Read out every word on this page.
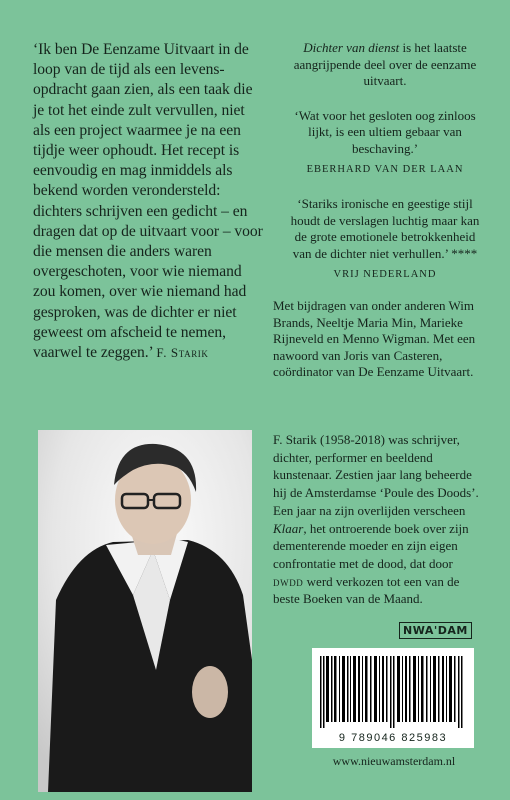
‘Ik ben De Eenzame Uitvaart in de loop van de tijd als een levens-opdracht gaan zien, als een taak die je tot het einde zult vervullen, niet als een project waarmee je na een tijdje weer ophoudt. Het recept is eenvoudig en mag inmiddels als bekend worden verondersteld: dichters schrijven een gedicht – en dragen dat op de uitvaart voor – voor die mensen die anders waren overgeschoten, voor wie niemand zou komen, over wie niemand had gesproken, was de dichter er niet geweest om afscheid te nemen, vaarwel te zeggen.’ F. Starik

Dichter van dienst is het laatste aangrijpende deel over de eenzame uitvaart.

‘Wat voor het gesloten oog zinloos lijkt, is een ultiem gebaar van beschaving.’

EBERHARD VAN DER LAAN

‘Stariks ironische en geestige stijl houdt de verslagen luchtig maar kan de grote emotionele betrokkenheid van de dichter niet verhullen.’ ****

VRIJ NEDERLAND

Met bijdragen van onder anderen Wim Brands, Neeltje Maria Min, Marieke Rijneveld en Menno Wigman. Met een nawoord van Joris van Casteren, coördinator van De Eenzame Uitvaart.
F. Starik (1958-2018) was schrijver, dichter, performer en beeldend kunstenaar. Zestien jaar lang beheerde hij de Amsterdamse ‘Poule des Doods’. Een jaar na zijn overlijden verscheen Klaar, het ontroerende boek over zijn dementerende moeder en zijn eigen confrontatie met de dood, dat door dwdd werd verkozen tot een van de beste Boeken van de Maand.
NWA'DAM
9 789046 825983
www.nieuwamsterdam.nl
